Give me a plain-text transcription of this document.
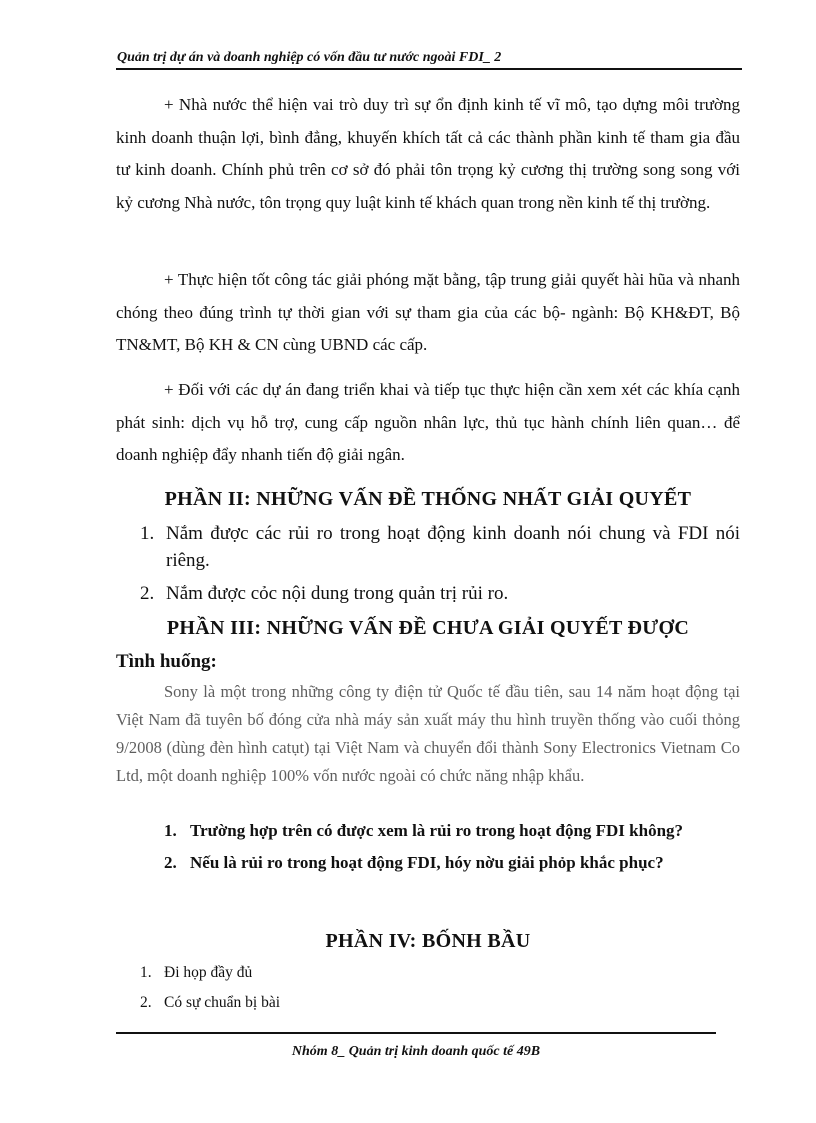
Quản trị dự án và doanh nghiệp có vốn đầu tư nước ngoài FDI_ 2
+ Nhà nước thể hiện vai trò duy trì sự ổn định kinh tế vĩ mô, tạo dựng môi trường kinh doanh thuận lợi, bình đẳng, khuyến khích tất cả các thành phần kinh tế tham gia đầu tư kinh doanh. Chính phủ trên cơ sở đó phải tôn trọng kỷ cương thị trường song song với kỷ cương Nhà nước, tôn trọng quy luật kinh tế khách quan trong nền kinh tế thị trường.
+ Thực hiện tốt công tác giải phóng mặt bằng, tập trung giải quyết hài hũa và nhanh chóng theo đúng trình tự thời gian với sự tham gia của các bộ- ngành: Bộ KH&ĐT, Bộ TN&MT, Bộ KH & CN cùng UBND các cấp.
+ Đối với các dự án đang triển khai và tiếp tục thực hiện cần xem xét các khía cạnh phát sinh: dịch vụ hỗ trợ, cung cấp nguồn nhân lực, thủ tục hành chính liên quan… để doanh nghiệp đẩy nhanh tiến độ giải ngân.
PHẦN II: NHỮNG VẤN ĐỀ THỐNG NHẤT GIẢI QUYẾT
1. Nắm được các rủi ro trong hoạt động kinh doanh nói chung và FDI nói riêng.
2. Nắm được cỏc nội dung trong quản trị rủi ro.
PHẦN III: NHỮNG VẤN ĐỀ CHƯA GIẢI QUYẾT ĐƯỢC
Tình huống:
Sony là một trong những công ty điện tử Quốc tế đầu tiên, sau 14 năm hoạt động tại Việt Nam đã tuyên bố đóng cửa nhà máy sản xuất máy thu hình truyền thống vào cuối thỏng 9/2008 (dùng đèn hình catụt) tại Việt Nam và chuyển đổi thành Sony Electronics Vietnam Co Ltd, một doanh nghiệp 100% vốn nước ngoài có chức năng nhập khẩu.
1. Trường hợp trên có được xem là rủi ro trong hoạt động FDI không?
2. Nếu là rủi ro trong hoạt động FDI, hóy nờu giải phỏp khắc phục?
PHẦN IV: BỐNH BẦU
1. Đi họp đầy đủ
2. Có sự chuẩn bị bài
Nhóm 8_ Quản trị kinh doanh quốc tế 49B
